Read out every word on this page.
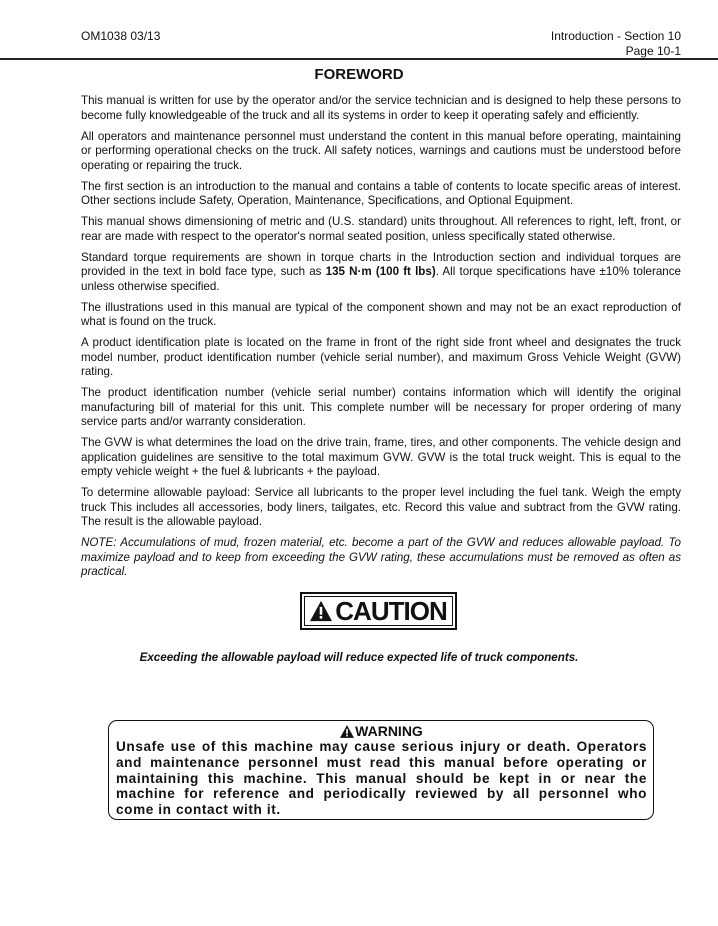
OM1038 03/13	Introduction - Section 10
Page 10-1
FOREWORD

This manual is written for use by the operator and/or the service technician and is designed to help these persons to become fully knowledgeable of the truck and all its systems in order to keep it operating safely and efficiently.

All operators and maintenance personnel must understand the content in this manual before operating, maintaining or performing operational checks on the truck. All safety notices, warnings and cautions must be understood before operating or repairing the truck.

The first section is an introduction to the manual and contains a table of contents to locate specific areas of interest. Other sections include Safety, Operation, Maintenance, Specifications, and Optional Equipment.

This manual shows dimensioning of metric and (U.S. standard) units throughout. All references to right, left, front, or rear are made with respect to the operator's normal seated position, unless specifically stated otherwise.

Standard torque requirements are shown in torque charts in the Introduction section and individual torques are provided in the text in bold face type, such as 135 N·m (100 ft lbs). All torque specifications have ±10% tolerance unless otherwise specified.

The illustrations used in this manual are typical of the component shown and may not be an exact reproduction of what is found on the truck.

A product identification plate is located on the frame in front of the right side front wheel and designates the truck model number, product identification number (vehicle serial number), and maximum Gross Vehicle Weight (GVW) rating.

The product identification number (vehicle serial number) contains information which will identify the original manufacturing bill of material for this unit. This complete number will be necessary for proper ordering of many service parts and/or warranty consideration.

The GVW is what determines the load on the drive train, frame, tires, and other components. The vehicle design and application guidelines are sensitive to the total maximum GVW. GVW is the total truck weight. This is equal to the empty vehicle weight + the fuel & lubricants + the payload.

To determine allowable payload: Service all lubricants to the proper level including the fuel tank. Weigh the empty truck This includes all accessories, body liners, tailgates, etc. Record this value and subtract from the GVW rating. The result is the allowable payload.

NOTE: Accumulations of mud, frozen material, etc. become a part of the GVW and reduces allowable payload. To maximize payload and to keep from exceeding the GVW rating, these accumulations must be removed as often as practical.

CAUTION
Exceeding the allowable payload will reduce expected life of truck components.
WARNING
Unsafe use of this machine may cause serious injury or death. Operators and maintenance personnel must read this manual before operating or maintaining this machine. This manual should be kept in or near the machine for reference and periodically reviewed by all personnel who come in contact with it.
